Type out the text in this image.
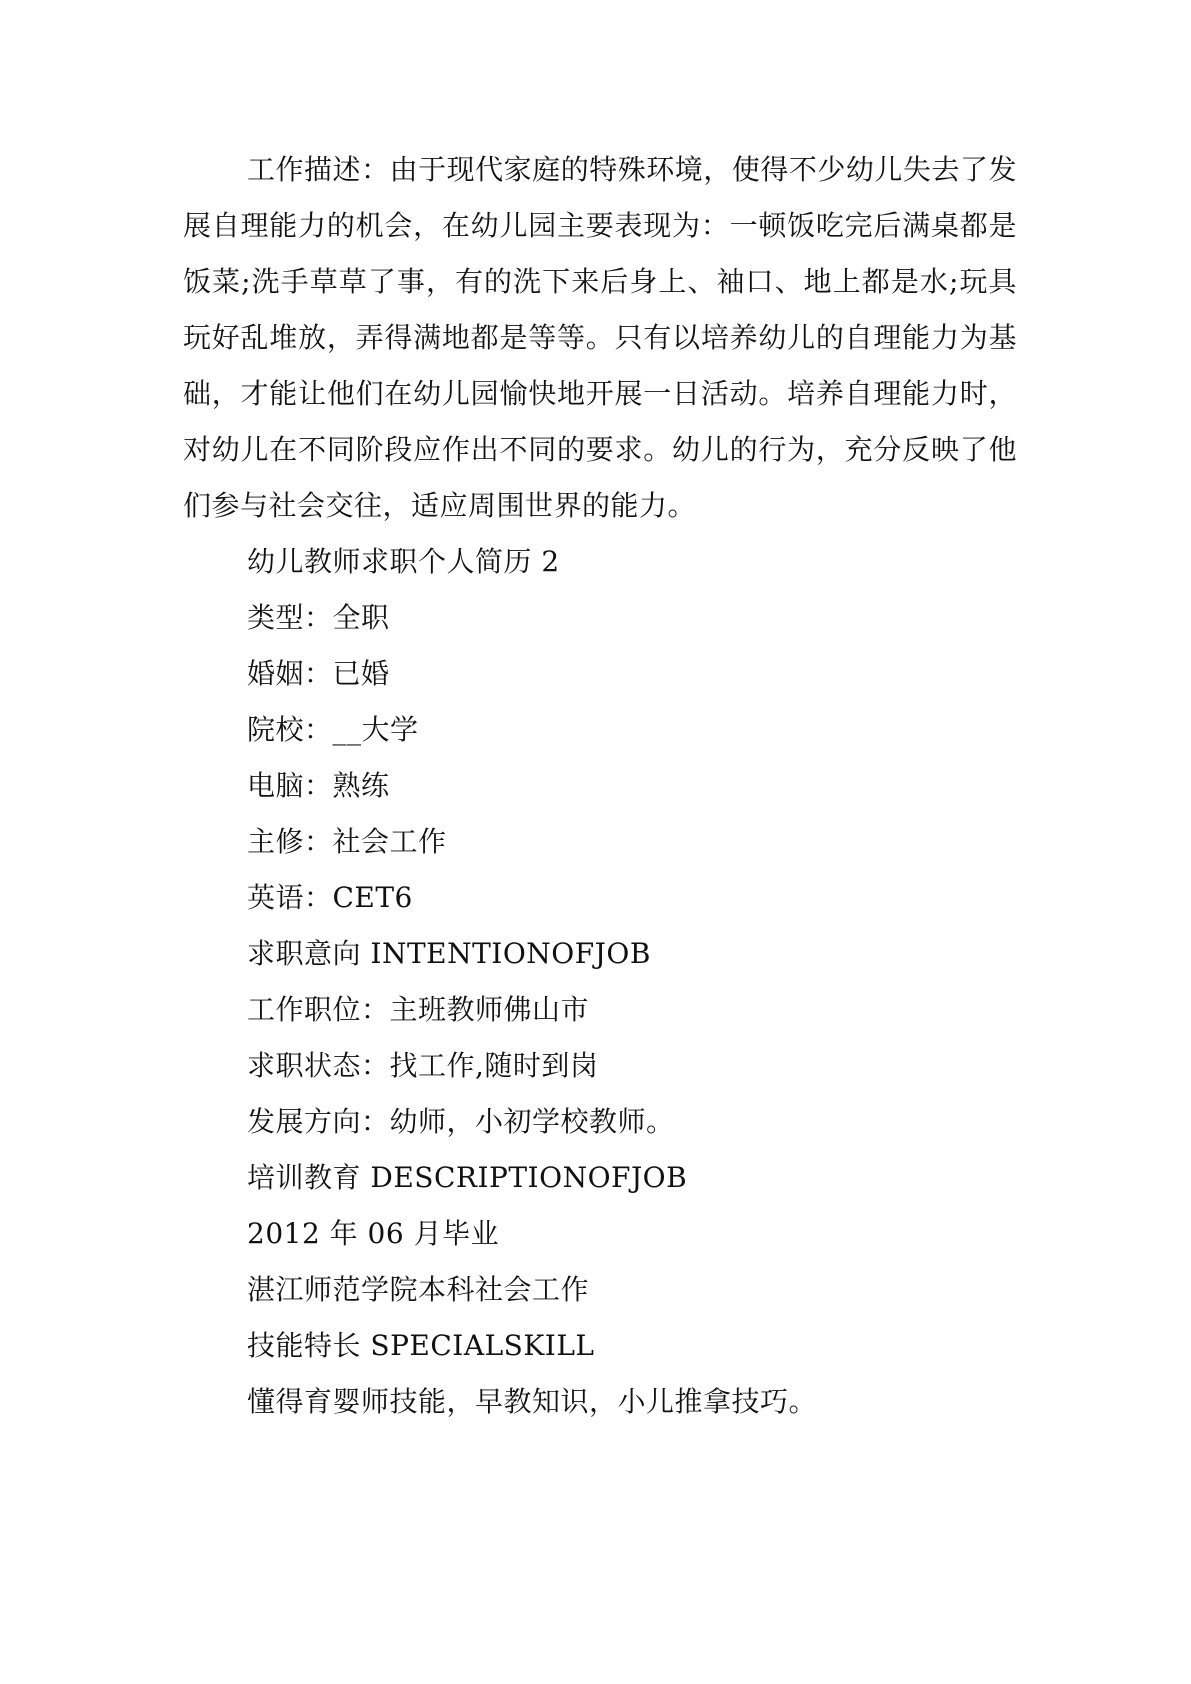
工作描述：由于现代家庭的特殊环境，使得不少幼儿失去了发展自理能力的机会，在幼儿园主要表现为：一顿饭吃完后满桌都是饭菜;洗手草草了事，有的洗下来后身上、袖口、地上都是水;玩具玩好乱堆放，弄得满地都是等等。只有以培养幼儿的自理能力为基础，才能让他们在幼儿园愉快地开展一日活动。培养自理能力时，对幼儿在不同阶段应作出不同的要求。幼儿的行为，充分反映了他们参与社会交往，适应周围世界的能力。

幼儿教师求职个人简历 2
类型：全职
婚姻：已婚
院校：__大学
电脑：熟练
主修：社会工作
英语：CET6
求职意向 INTENTIONOFJOB
工作职位：主班教师佛山市
求职状态：找工作,随时到岗
发展方向：幼师，小初学校教师。
培训教育 DESCRIPTIONOFJOB
2012 年 06 月毕业
湛江师范学院本科社会工作
技能特长 SPECIALSKILL
懂得育婴师技能，早教知识，小儿推拿技巧。
